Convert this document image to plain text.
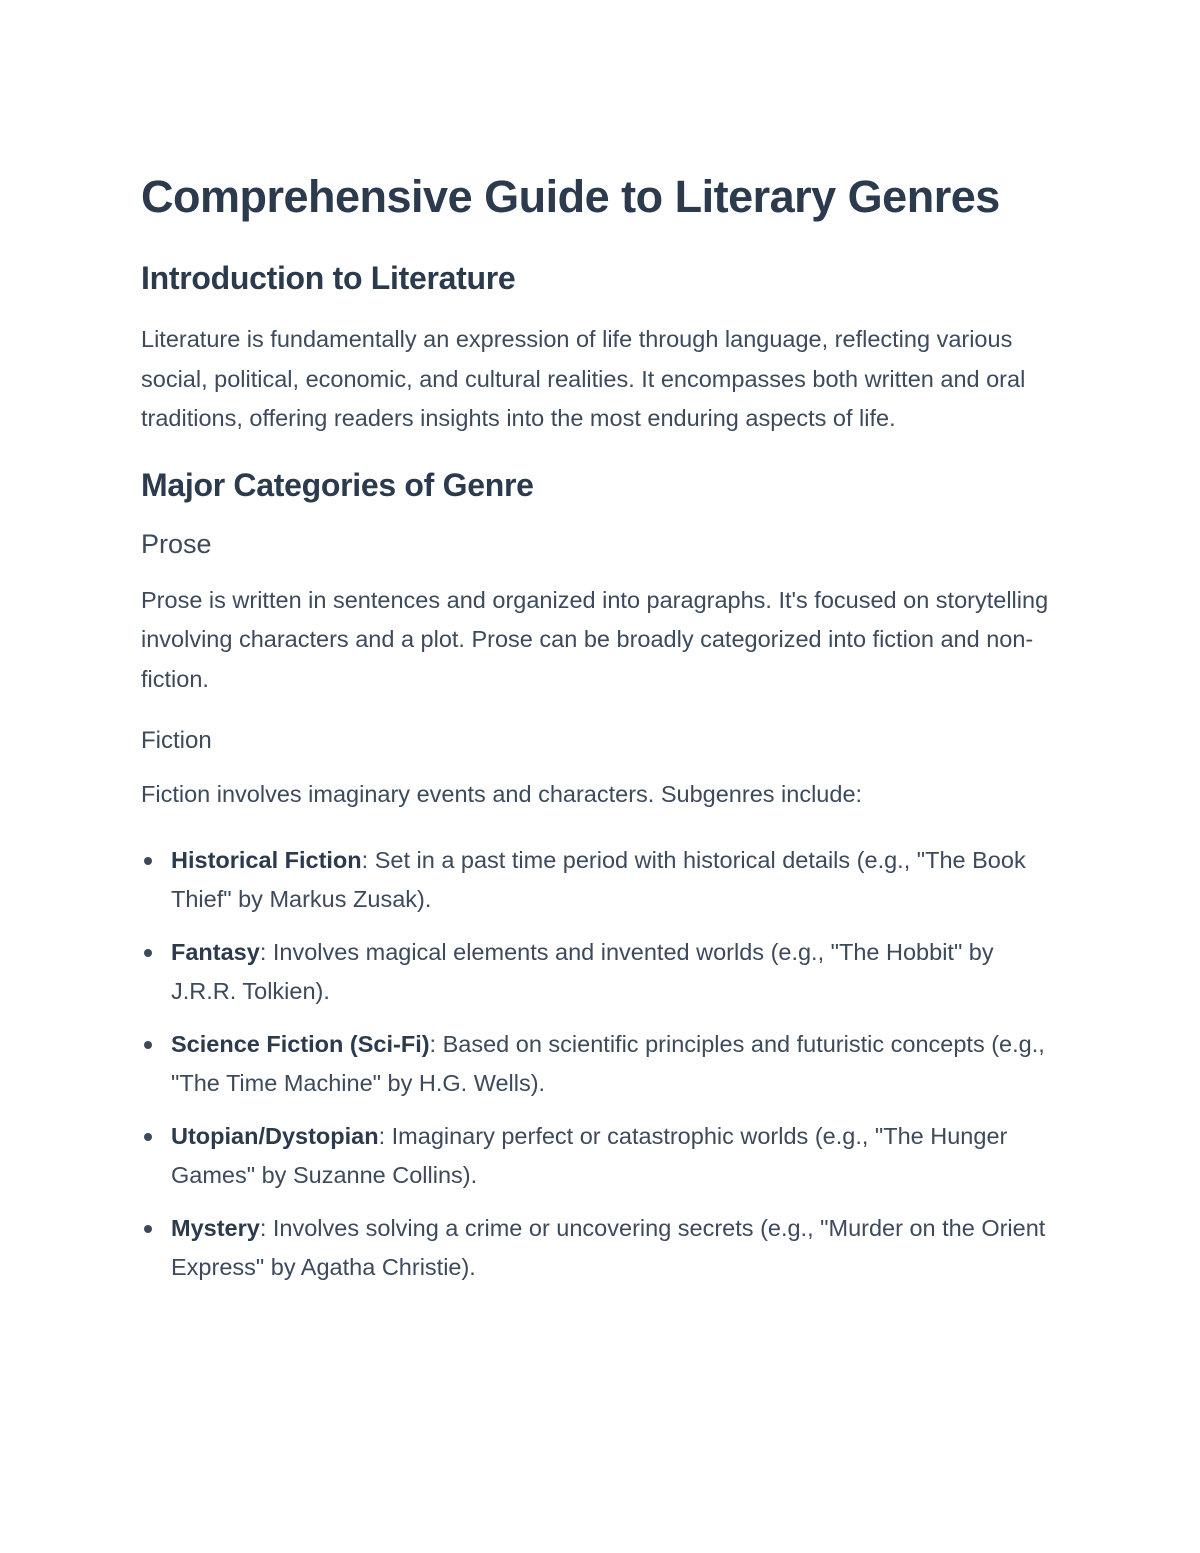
Comprehensive Guide to Literary Genres
Introduction to Literature

Literature is fundamentally an expression of life through language, reflecting various social, political, economic, and cultural realities. It encompasses both written and oral traditions, offering readers insights into the most enduring aspects of life.

Major Categories of Genre
Prose

Prose is written in sentences and organized into paragraphs. It's focused on storytelling involving characters and a plot. Prose can be broadly categorized into fiction and non-fiction.

Fiction

Fiction involves imaginary events and characters. Subgenres include:

Historical Fiction: Set in a past time period with historical details (e.g., "The Book Thief" by Markus Zusak).
Fantasy: Involves magical elements and invented worlds (e.g., "The Hobbit" by J.R.R. Tolkien).
Science Fiction (Sci-Fi): Based on scientific principles and futuristic concepts (e.g., "The Time Machine" by H.G. Wells).
Utopian/Dystopian: Imaginary perfect or catastrophic worlds (e.g., "The Hunger Games" by Suzanne Collins).
Mystery: Involves solving a crime or uncovering secrets (e.g., "Murder on the Orient Express" by Agatha Christie).
